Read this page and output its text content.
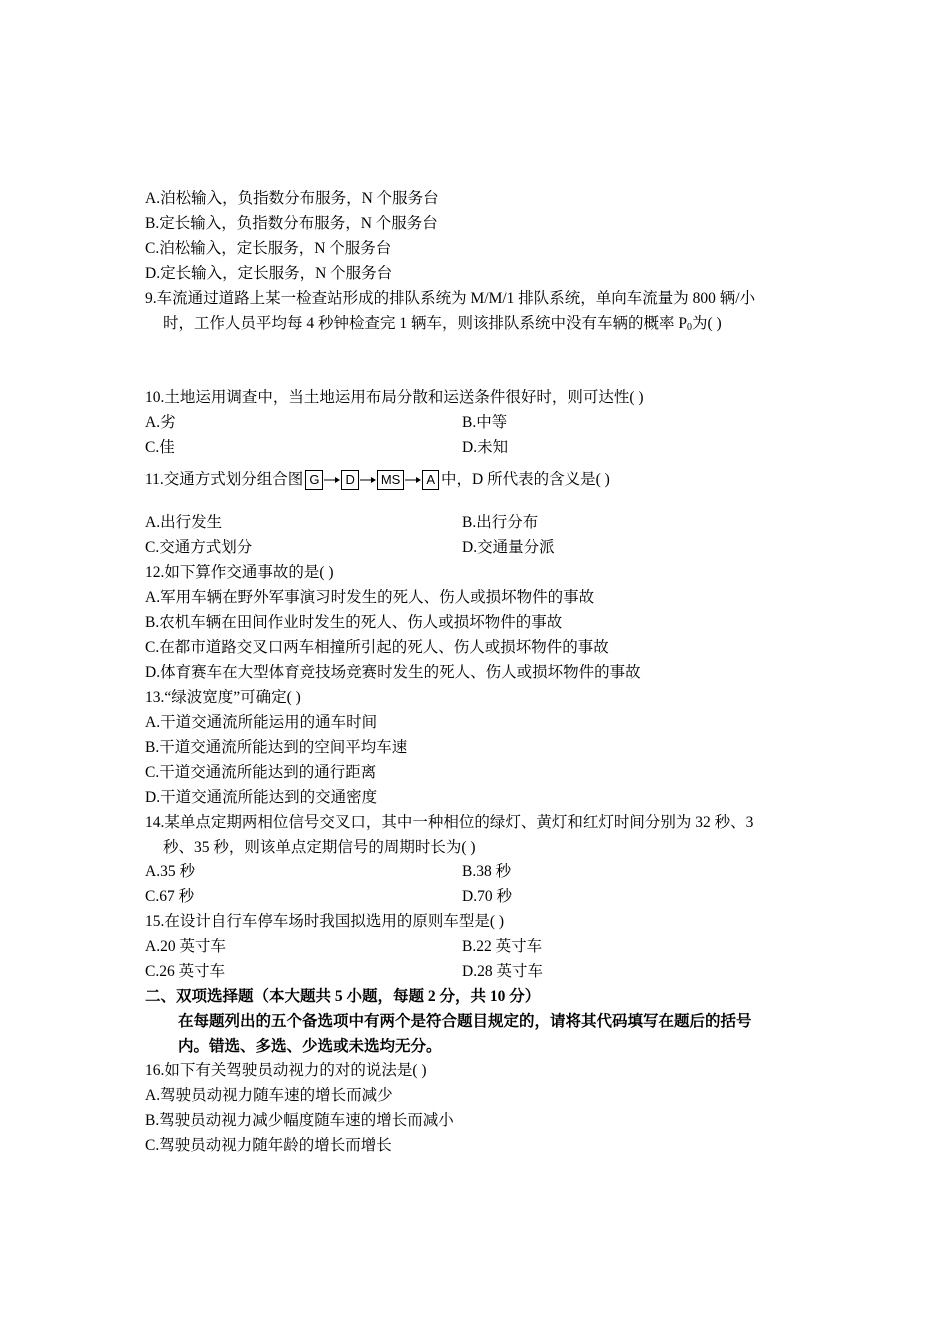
A.泊松输入，负指数分布服务，N 个服务台
B.定长输入，负指数分布服务，N 个服务台
C.泊松输入，定长服务，N 个服务台
D.定长输入，定长服务，N 个服务台
9.车流通过道路上某一检查站形成的排队系统为 M/M/1 排队系统，单向车流量为 800 辆/小
时，工作人员平均每 4 秒钟检查完 1 辆车，则该排队系统中没有车辆的概率 $P_0$为( )
10.土地运用调查中，当土地运用布局分散和运送条件很好时，则可达性( )
A.劣	B.中等
C.佳	D.未知
11.交通方式划分组合图 G	D	MS	A 中，D 所代表的含义是( )
A.出行发生	B.出行分布
C.交通方式划分	D.交通量分派
12.如下算作交通事故的是( )
A.军用车辆在野外军事演习时发生的死人、伤人或损坏物件的事故
B.农机车辆在田间作业时发生的死人、伤人或损坏物件的事故
C.在都市道路交叉口两车相撞所引起的死人、伤人或损坏物件的事故
D.体育赛车在大型体育竞技场竞赛时发生的死人、伤人或损坏物件的事故
13.“绿波宽度”可确定( )
A.干道交通流所能运用的通车时间
B.干道交通流所能达到的空间平均车速
C.干道交通流所能达到的通行距离
D.干道交通流所能达到的交通密度
14.某单点定期两相位信号交叉口，其中一种相位的绿灯、黄灯和红灯时间分别为 32 秒、3
秒、35 秒，则该单点定期信号的周期时长为( )
A.35 秒	B.38 秒
C.67 秒	D.70 秒
15.在设计自行车停车场时我国拟选用的原则车型是( )
A.20 英寸车	B.22 英寸车
C.26 英寸车	D.28 英寸车
二、双项选择题（本大题共 5 小题，每题 2 分，共 10 分）
在每题列出的五个备选项中有两个是符合题目规定的，请将其代码填写在题后的括号
内。错选、多选、少选或未选均无分。
16.如下有关驾驶员动视力的对的说法是( )
A.驾驶员动视力随车速的增长而减少
B.驾驶员动视力减少幅度随车速的增长而减小
C.驾驶员动视力随年龄的增长而增长
